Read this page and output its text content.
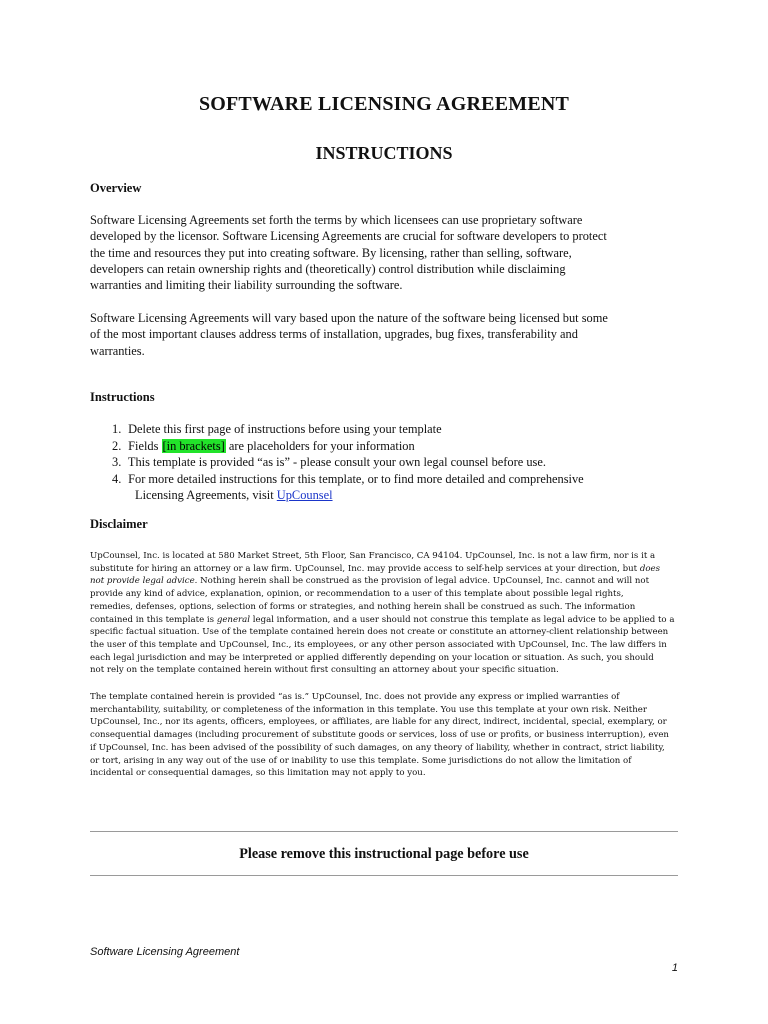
SOFTWARE LICENSING AGREEMENT
INSTRUCTIONS
Overview
Software Licensing Agreements set forth the terms by which licensees can use proprietary software
developed by the licensor. Software Licensing Agreements are crucial for software developers to protect
the time and resources they put into creating software. By licensing, rather than selling, software,
developers can retain ownership rights and (theoretically) control distribution while disclaiming
warranties and limiting their liability surrounding the software.
Software Licensing Agreements will vary based upon the nature of the software being licensed but some
of the most important clauses address terms of installation, upgrades, bug fixes, transferability and
warranties.
Instructions
1. Delete this first page of instructions before using your template
2. Fields [in brackets] are placeholders for your information
3. This template is provided “as is” - please consult your own legal counsel before use.
4. For more detailed instructions for this template, or to find more detailed and comprehensive
Licensing Agreements, visit UpCounsel
Disclaimer
UpCounsel, Inc. is located at 580 Market Street, 5th Floor, San Francisco, CA 94104. UpCounsel, Inc. is not a law firm, nor is it a
substitute for hiring an attorney or a law firm. UpCounsel, Inc. may provide access to self-help services at your direction, but does
not provide legal advice. Nothing herein shall be construed as the provision of legal advice. UpCounsel, Inc. cannot and will not
provide any kind of advice, explanation, opinion, or recommendation to a user of this template about possible legal rights,
remedies, defenses, options, selection of forms or strategies, and nothing herein shall be construed as such. The information
contained in this template is general legal information, and a user should not construe this template as legal advice to be applied to a
specific factual situation. Use of the template contained herein does not create or constitute an attorney-client relationship between
the user of this template and UpCounsel, Inc., its employees, or any other person associated with UpCounsel, Inc. The law differs in
each legal jurisdiction and may be interpreted or applied differently depending on your location or situation. As such, you should
not rely on the template contained herein without first consulting an attorney about your specific situation.
The template contained herein is provided “as is.” UpCounsel, Inc. does not provide any express or implied warranties of
merchantability, suitability, or completeness of the information in this template. You use this template at your own risk. Neither
UpCounsel, Inc., nor its agents, officers, employees, or affiliates, are liable for any direct, indirect, incidental, special, exemplary, or
consequential damages (including procurement of substitute goods or services, loss of use or profits, or business interruption), even
if UpCounsel, Inc. has been advised of the possibility of such damages, on any theory of liability, whether in contract, strict liability,
or tort, arising in any way out of the use of or inability to use this template. Some jurisdictions do not allow the limitation of
incidental or consequential damages, so this limitation may not apply to you.
Please remove this instructional page before use
Software Licensing Agreement
1
